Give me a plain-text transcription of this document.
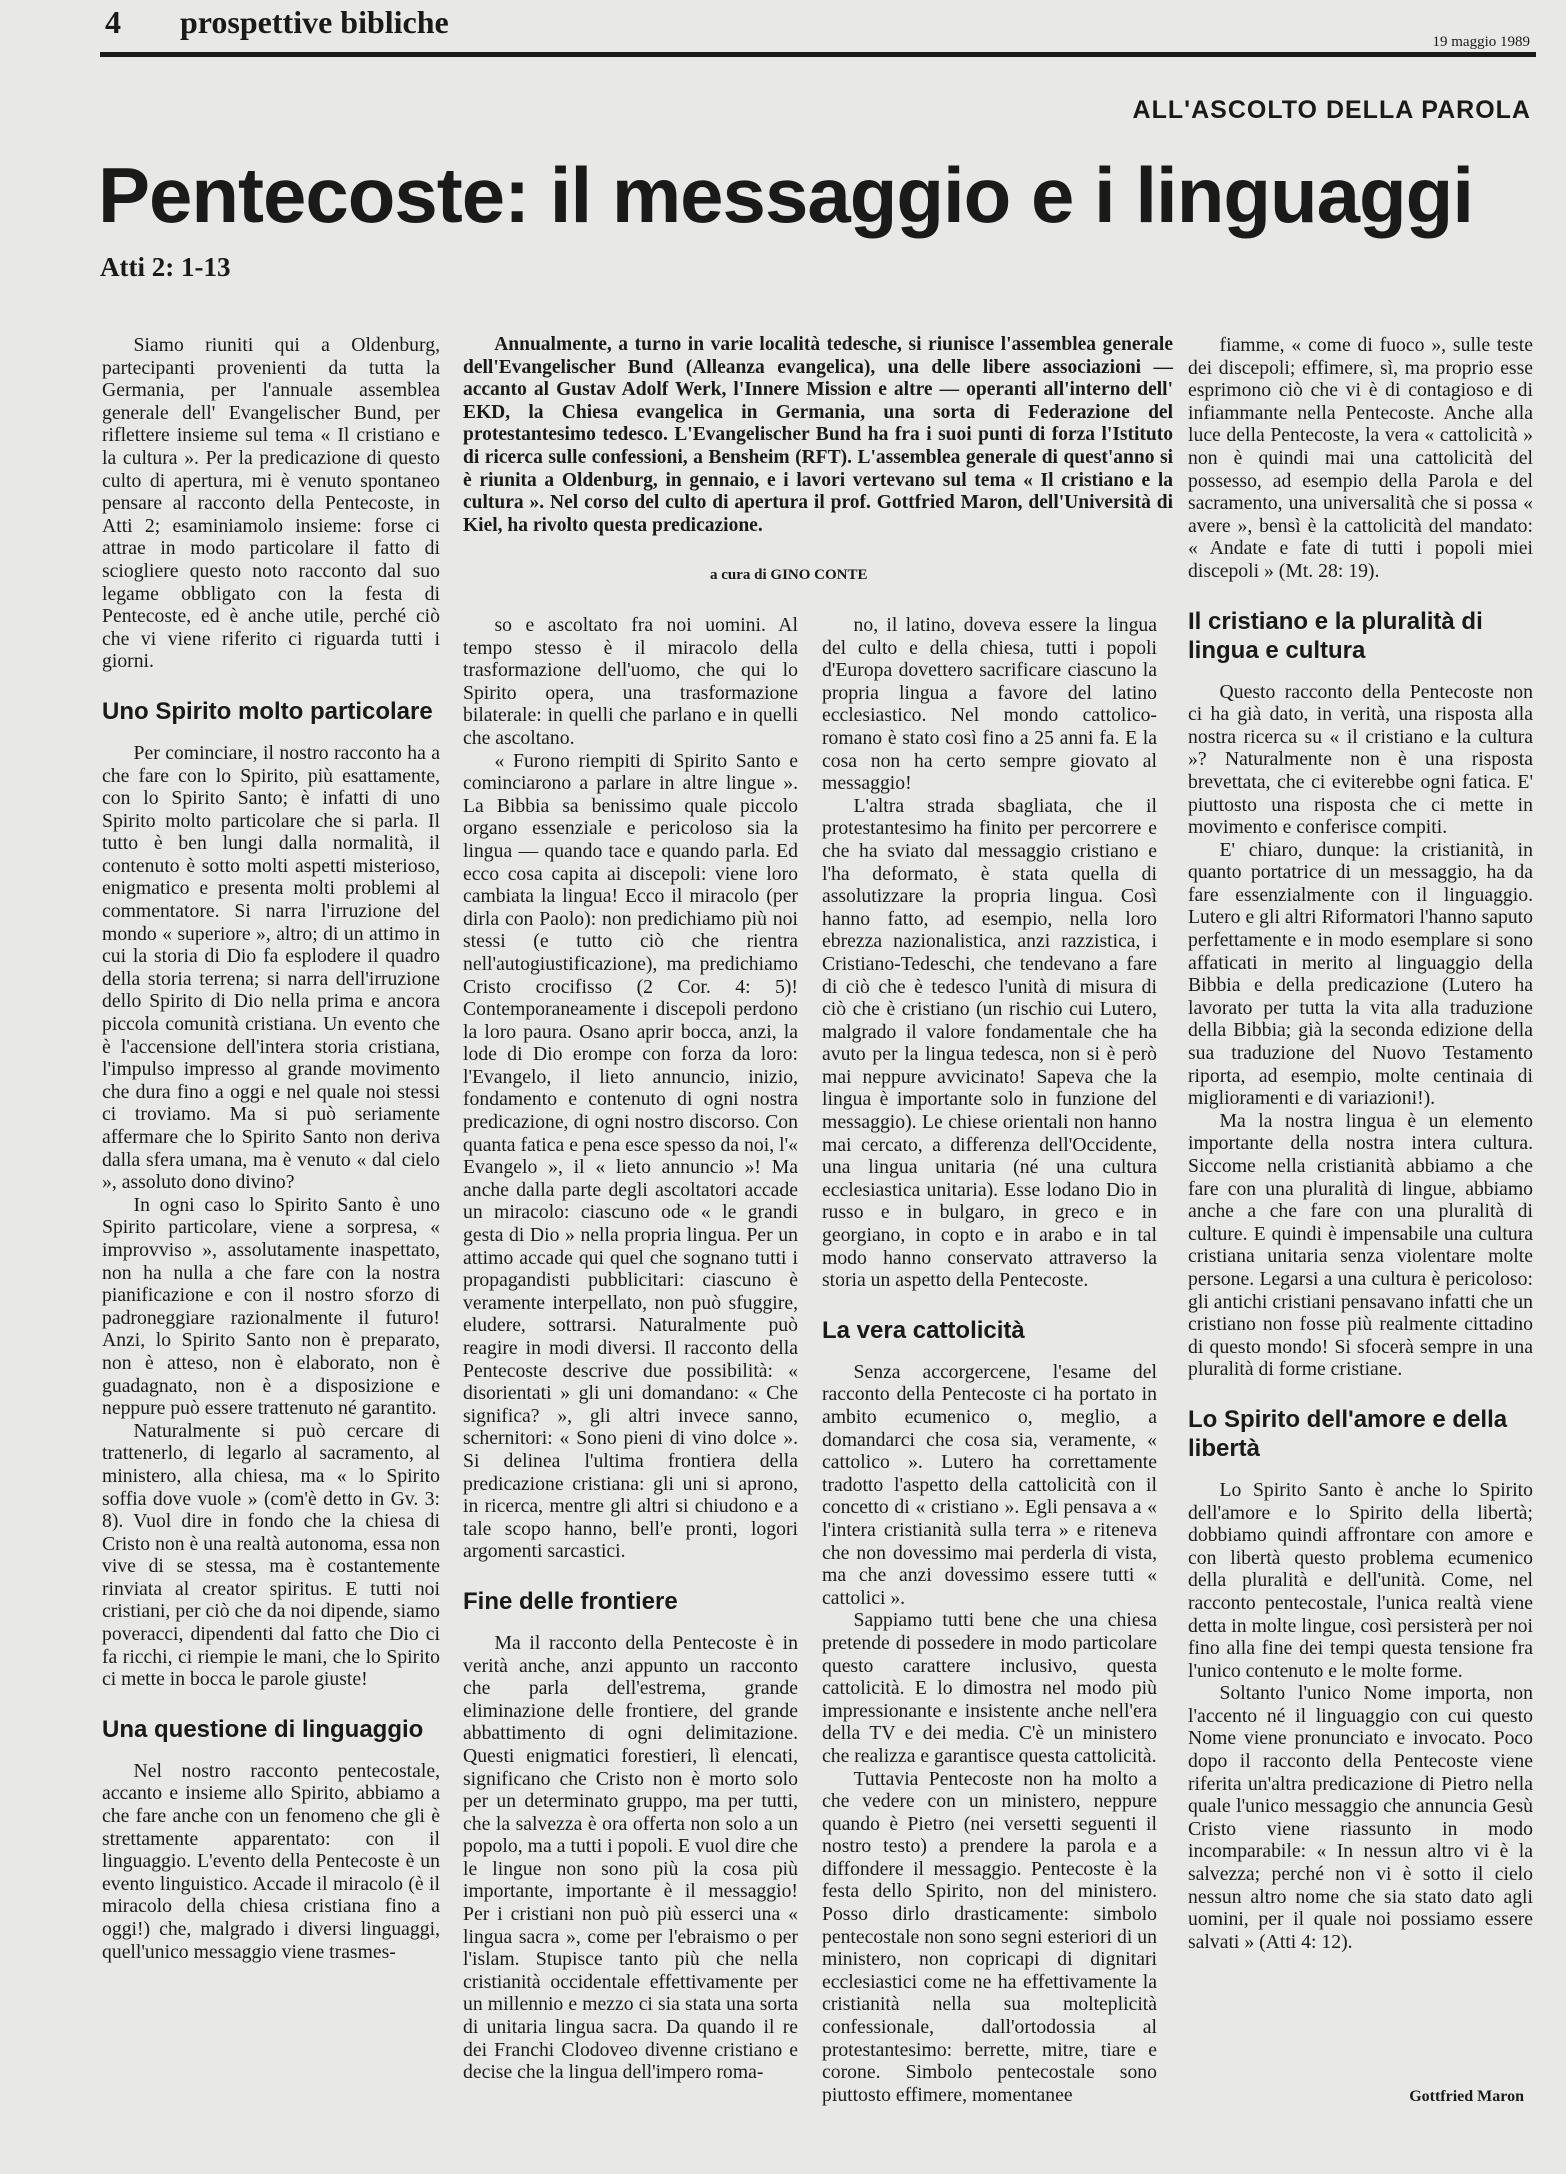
4 prospettive bibliche
19 maggio 1989
ALL'ASCOLTO DELLA PAROLA
Pentecoste: il messaggio e i linguaggi
Atti 2: 1-13

Annualmente, a turno in varie località tedesche, si riunisce l'assemblea generale dell'Evangelischer Bund (Alleanza evangelica), una delle libere associazioni — accanto al Gustav Adolf Werk, l'Innere Mission e altre — operanti all'interno dell' EKD, la Chiesa evangelica in Germania, una sorta di Federazione del protestantesimo tedesco. L'Evangelischer Bund ha fra i suoi punti di forza l'Istituto di ricerca sulle confessioni, a Bensheim (RFT). L'assemblea generale di quest'anno si è riunita a Oldenburg, in gennaio, e i lavori vertevano sul tema « Il cristiano e la cultura ». Nel corso del culto di apertura il prof. Gottfried Maron, dell'Università di Kiel, ha rivolto questa predicazione.

a cura di GINO CONTE

Siamo riuniti qui a Oldenburg, partecipanti provenienti da tutta la Germania, per l'annuale assemblea generale dell' Evangelischer Bund, per riflettere insieme sul tema « Il cristiano e la cultura ». Per la predicazione di questo culto di apertura, mi è venuto spontaneo pensare al racconto della Pentecoste, in Atti 2; esaminiamolo insieme: forse ci attrae in modo particolare il fatto di sciogliere questo noto racconto dal suo legame obbligato con la festa di Pentecoste, ed è anche utile, perché ciò che vi viene riferito ci riguarda tutti i giorni.

Uno Spirito molto particolare

Per cominciare, il nostro racconto ha a che fare con lo Spirito, più esattamente, con lo Spirito Santo; è infatti di uno Spirito molto particolare che si parla. Il tutto è ben lungi dalla normalità, il contenuto è sotto molti aspetti misterioso, enigmatico e presenta molti problemi al commentatore. Si narra l'irruzione del mondo « superiore », altro; di un attimo in cui la storia di Dio fa esplodere il quadro della storia terrena; si narra dell'irruzione dello Spirito di Dio nella prima e ancora piccola comunità cristiana. Un evento che è l'accensione dell'intera storia cristiana, l'impulso impresso al grande movimento che dura fino a oggi e nel quale noi stessi ci troviamo. Ma si può seriamente affermare che lo Spirito Santo non deriva dalla sfera umana, ma è venuto « dal cielo », assoluto dono divino?

In ogni caso lo Spirito Santo è uno Spirito particolare, viene a sorpresa, « improvviso », assolutamente inaspettato, non ha nulla a che fare con la nostra pianificazione e con il nostro sforzo di padroneggiare razionalmente il futuro! Anzi, lo Spirito Santo non è preparato, non è atteso, non è elaborato, non è guadagnato, non è a disposizione e neppure può essere trattenuto né garantito.

Naturalmente si può cercare di trattenerlo, di legarlo al sacramento, al ministero, alla chiesa, ma « lo Spirito soffia dove vuole » (com'è detto in Gv. 3: 8). Vuol dire in fondo che la chiesa di Cristo non è una realtà autonoma, essa non vive di se stessa, ma è costantemente rinviata al creator spiritus. E tutti noi cristiani, per ciò che da noi dipende, siamo poveracci, dipendenti dal fatto che Dio ci fa ricchi, ci riempie le mani, che lo Spirito ci mette in bocca le parole giuste!

Una questione di linguaggio

Nel nostro racconto pentecostale, accanto e insieme allo Spirito, abbiamo a che fare anche con un fenomeno che gli è strettamente apparentato: con il linguaggio. L'evento della Pentecoste è un evento linguistico. Accade il miracolo (è il miracolo della chiesa cristiana fino a oggi!) che, malgrado i diversi linguaggi, quell'unico messaggio viene trasmes-

so e ascoltato fra noi uomini. Al tempo stesso è il miracolo della trasformazione dell'uomo, che qui lo Spirito opera, una trasformazione bilaterale: in quelli che parlano e in quelli che ascoltano.

« Furono riempiti di Spirito Santo e cominciarono a parlare in altre lingue ». La Bibbia sa benissimo quale piccolo organo essenziale e pericoloso sia la lingua — quando tace e quando parla. Ed ecco cosa capita ai discepoli: viene loro cambiata la lingua! Ecco il miracolo (per dirla con Paolo): non predichiamo più noi stessi (e tutto ciò che rientra nell'autogiustificazione), ma predichiamo Cristo crocifisso (2 Cor. 4: 5)! Contemporaneamente i discepoli perdono la loro paura. Osano aprir bocca, anzi, la lode di Dio erompe con forza da loro: l'Evangelo, il lieto annuncio, inizio, fondamento e contenuto di ogni nostra predicazione, di ogni nostro discorso. Con quanta fatica e pena esce spesso da noi, l'« Evangelo », il « lieto annuncio »! Ma anche dalla parte degli ascoltatori accade un miracolo: ciascuno ode « le grandi gesta di Dio » nella propria lingua. Per un attimo accade qui quel che sognano tutti i propagandisti pubblicitari: ciascuno è veramente interpellato, non può sfuggire, eludere, sottrarsi. Naturalmente può reagire in modi diversi. Il racconto della Pentecoste descrive due possibilità: « disorientati » gli uni domandano: « Che significa? », gli altri invece sanno, schernitori: « Sono pieni di vino dolce ». Si delinea l'ultima frontiera della predicazione cristiana: gli uni si aprono, in ricerca, mentre gli altri si chiudono e a tale scopo hanno, bell'e pronti, logori argomenti sarcastici.

Fine delle frontiere

Ma il racconto della Pentecoste è in verità anche, anzi appunto un racconto che parla dell'estrema, grande eliminazione delle frontiere, del grande abbattimento di ogni delimitazione. Questi enigmatici forestieri, lì elencati, significano che Cristo non è morto solo per un determinato gruppo, ma per tutti, che la salvezza è ora offerta non solo a un popolo, ma a tutti i popoli. E vuol dire che le lingue non sono più la cosa più importante, importante è il messaggio! Per i cristiani non può più esserci una « lingua sacra », come per l'ebraismo o per l'islam. Stupisce tanto più che nella cristianità occidentale effettivamente per un millennio e mezzo ci sia stata una sorta di unitaria lingua sacra. Da quando il re dei Franchi Clodoveo divenne cristiano e decise che la lingua dell'impero roma-

no, il latino, doveva essere la lingua del culto e della chiesa, tutti i popoli d'Europa dovettero sacrificare ciascuno la propria lingua a favore del latino ecclesiastico. Nel mondo cattolico-romano è stato così fino a 25 anni fa. E la cosa non ha certo sempre giovato al messaggio!

L'altra strada sbagliata, che il protestantesimo ha finito per percorrere e che ha sviato dal messaggio cristiano e l'ha deformato, è stata quella di assolutizzare la propria lingua. Così hanno fatto, ad esempio, nella loro ebrezza nazionalistica, anzi razzistica, i Cristiano-Tedeschi, che tendevano a fare di ciò che è tedesco l'unità di misura di ciò che è cristiano (un rischio cui Lutero, malgrado il valore fondamentale che ha avuto per la lingua tedesca, non si è però mai neppure avvicinato! Sapeva che la lingua è importante solo in funzione del messaggio). Le chiese orientali non hanno mai cercato, a differenza dell'Occidente, una lingua unitaria (né una cultura ecclesiastica unitaria). Esse lodano Dio in russo e in bulgaro, in greco e in georgiano, in copto e in arabo e in tal modo hanno conservato attraverso la storia un aspetto della Pentecoste.

La vera cattolicità

Senza accorgercene, l'esame del racconto della Pentecoste ci ha portato in ambito ecumenico o, meglio, a domandarci che cosa sia, veramente, « cattolico ». Lutero ha correttamente tradotto l'aspetto della cattolicità con il concetto di « cristiano ». Egli pensava a « l'intera cristianità sulla terra » e riteneva che non dovessimo mai perderla di vista, ma che anzi dovessimo essere tutti « cattolici ».

Sappiamo tutti bene che una chiesa pretende di possedere in modo particolare questo carattere inclusivo, questa cattolicità. E lo dimostra nel modo più impressionante e insistente anche nell'era della TV e dei media. C'è un ministero che realizza e garantisce questa cattolicità.

Tuttavia Pentecoste non ha molto a che vedere con un ministero, neppure quando è Pietro (nei versetti seguenti il nostro testo) a prendere la parola e a diffondere il messaggio. Pentecoste è la festa dello Spirito, non del ministero. Posso dirlo drasticamente: simbolo pentecostale non sono segni esteriori di un ministero, non copricapi di dignitari ecclesiastici come ne ha effettivamente la cristianità nella sua molteplicità confessionale, dall'ortodossia al protestantesimo: berrette, mitre, tiare e corone. Simbolo pentecostale sono piuttosto effimere, momentanee

fiamme, « come di fuoco », sulle teste dei discepoli; effimere, sì, ma proprio esse esprimono ciò che vi è di contagioso e di infiammante nella Pentecoste. Anche alla luce della Pentecoste, la vera « cattolicità » non è quindi mai una cattolicità del possesso, ad esempio della Parola e del sacramento, una universalità che si possa « avere », bensì è la cattolicità del mandato: « Andate e fate di tutti i popoli miei discepoli » (Mt. 28: 19).

Il cristiano e la pluralità di lingua e cultura

Questo racconto della Pentecoste non ci ha già dato, in verità, una risposta alla nostra ricerca su « il cristiano e la cultura »? Naturalmente non è una risposta brevettata, che ci eviterebbe ogni fatica. E' piuttosto una risposta che ci mette in movimento e conferisce compiti.

E' chiaro, dunque: la cristianità, in quanto portatrice di un messaggio, ha da fare essenzialmente con il linguaggio. Lutero e gli altri Riformatori l'hanno saputo perfettamente e in modo esemplare si sono affaticati in merito al linguaggio della Bibbia e della predicazione (Lutero ha lavorato per tutta la vita alla traduzione della Bibbia; già la seconda edizione della sua traduzione del Nuovo Testamento riporta, ad esempio, molte centinaia di miglioramenti e di variazioni!).

Ma la nostra lingua è un elemento importante della nostra intera cultura. Siccome nella cristianità abbiamo a che fare con una pluralità di lingue, abbiamo anche a che fare con una pluralità di culture. E quindi è impensabile una cultura cristiana unitaria senza violentare molte persone. Legarsi a una cultura è pericoloso: gli antichi cristiani pensavano infatti che un cristiano non fosse più realmente cittadino di questo mondo! Si sfocerà sempre in una pluralità di forme cristiane.

Lo Spirito dell'amore e della libertà

Lo Spirito Santo è anche lo Spirito dell'amore e lo Spirito della libertà; dobbiamo quindi affrontare con amore e con libertà questo problema ecumenico della pluralità e dell'unità. Come, nel racconto pentecostale, l'unica realtà viene detta in molte lingue, così persisterà per noi fino alla fine dei tempi questa tensione fra l'unico contenuto e le molte forme.

Soltanto l'unico Nome importa, non l'accento né il linguaggio con cui questo Nome viene pronunciato e invocato. Poco dopo il racconto della Pentecoste viene riferita un'altra predicazione di Pietro nella quale l'unico messaggio che annuncia Gesù Cristo viene riassunto in modo incomparabile: « In nessun altro vi è la salvezza; perché non vi è sotto il cielo nessun altro nome che sia stato dato agli uomini, per il quale noi possiamo essere salvati » (Atti 4: 12).

Gottfried Maron
